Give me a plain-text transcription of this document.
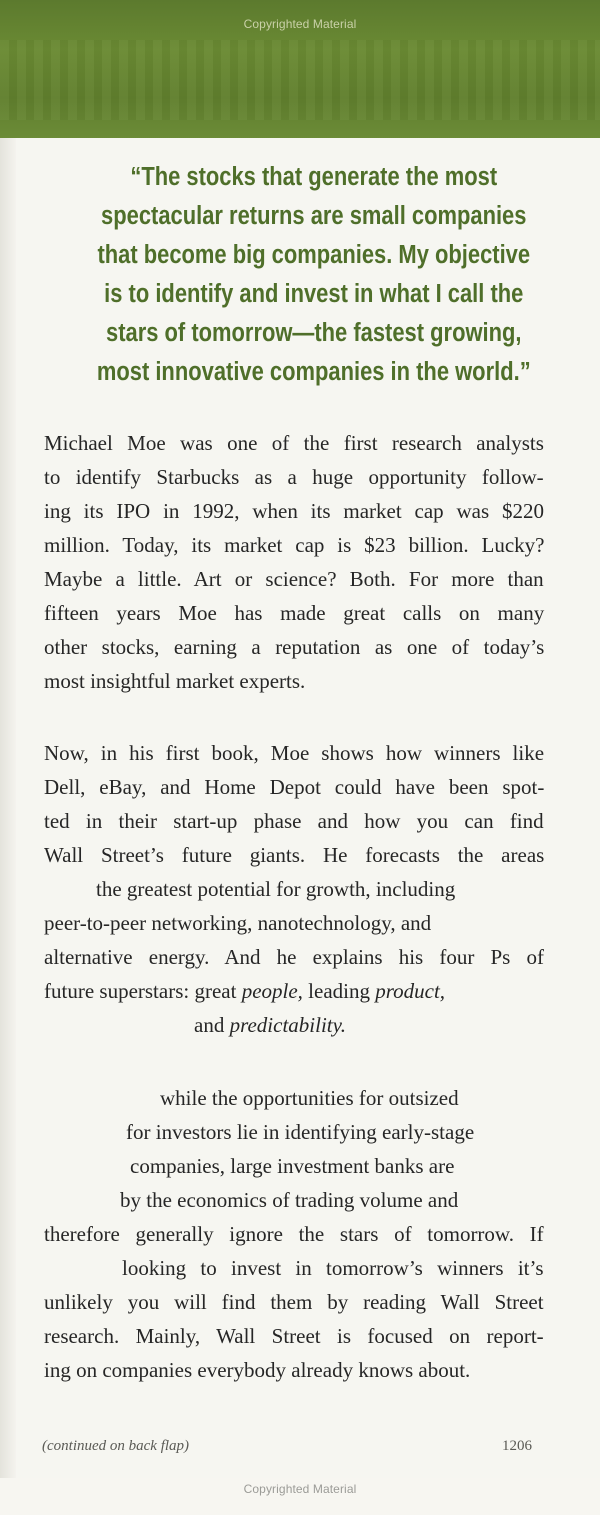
Copyrighted Material
“The stocks that generate the most
spectacular returns are small companies
that become big companies. My objective
is to identify and invest in what I call the
stars of tomorrow—the fastest growing,
most innovative companies in the world.”
Michael Moe was one of the first research analysts
to identify Starbucks as a huge opportunity follow-
ing its IPO in 1992, when its market cap was $220
million. Today, its market cap is $23 billion. Lucky?
Maybe a little. Art or science? Both. For more than
fifteen years Moe has made great calls on many
other stocks, earning a reputation as one of today’s
most insightful market experts.
Now, in his first book, Moe shows how winners like
Dell, eBay, and Home Depot could have been spot-
ted in their start-up phase and how you can find
Wall Street’s future giants. He forecasts the areas
the greatest potential for growth, including
peer-to-peer networking, nanotechnology, and
alternative energy. And he explains his four Ps of
future superstars: great people, leading product,
and predictability.
while the opportunities for outsized
for investors lie in identifying early-stage
companies, large investment banks are
by the economics of trading volume and
therefore generally ignore the stars of tomorrow. If
looking to invest in tomorrow’s winners it’s
unlikely you will find them by reading Wall Street
research. Mainly, Wall Street is focused on report-
ing on companies everybody already knows about.
(continued on back flap)	1206
Copyrighted Material
